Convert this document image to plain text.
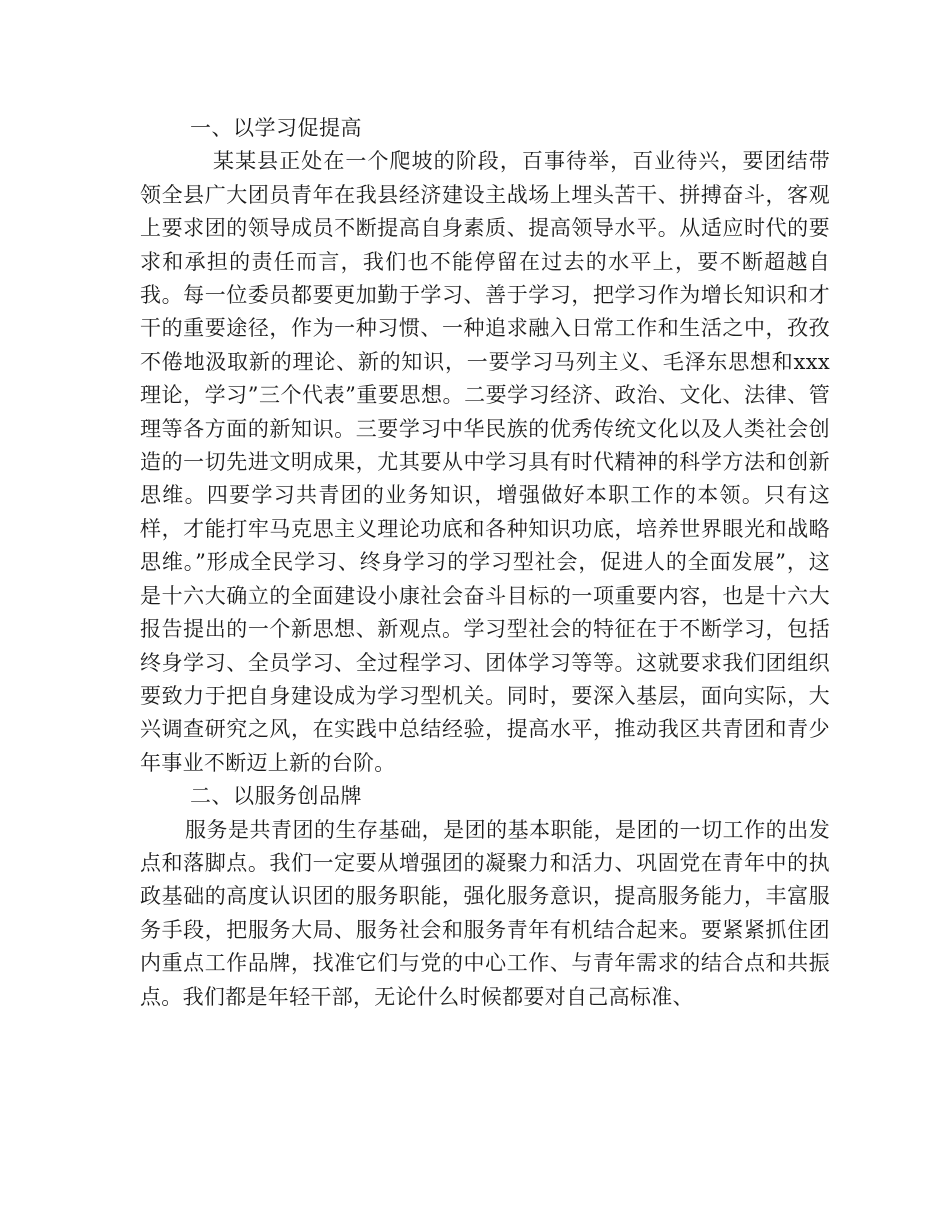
一、以学习促提高

某某县正处在一个爬坡的阶段，百事待举，百业待兴，要团结带领全县广大团员青年在我县经济建设主战场上埋头苦干、拼搏奋斗，客观上要求团的领导成员不断提高自身素质、提高领导水平。从适应时代的要求和承担的责任而言，我们也不能停留在过去的水平上，要不断超越自我。每一位委员都要更加勤于学习、善于学习，把学习作为增长知识和才干的重要途径，作为一种习惯、一种追求融入日常工作和生活之中，孜孜不倦地汲取新的理论、新的知识，一要学习马列主义、毛泽东思想和xxx理论，学习”三个代表”重要思想。二要学习经济、政治、文化、法律、管理等各方面的新知识。三要学习中华民族的优秀传统文化以及人类社会创造的一切先进文明成果，尤其要从中学习具有时代精神的科学方法和创新思维。四要学习共青团的业务知识，增强做好本职工作的本领。只有这样，才能打牢马克思主义理论功底和各种知识功底，培养世界眼光和战略思维。”形成全民学习、终身学习的学习型社会，促进人的全面发展”，这是十六大确立的全面建设小康社会奋斗目标的一项重要内容，也是十六大报告提出的一个新思想、新观点。学习型社会的特征在于不断学习，包括终身学习、全员学习、全过程学习、团体学习等等。这就要求我们团组织要致力于把自身建设成为学习型机关。同时，要深入基层，面向实际，大兴调查研究之风，在实践中总结经验，提高水平，推动我区共青团和青少年事业不断迈上新的台阶。

二、以服务创品牌

服务是共青团的生存基础，是团的基本职能，是团的一切工作的出发点和落脚点。我们一定要从增强团的凝聚力和活力、巩固党在青年中的执政基础的高度认识团的服务职能，强化服务意识，提高服务能力，丰富服务手段，把服务大局、服务社会和服务青年有机结合起来。要紧紧抓住团内重点工作品牌，找准它们与党的中心工作、与青年需求的结合点和共振点。我们都是年轻干部，无论什么时候都要对自己高标准、
